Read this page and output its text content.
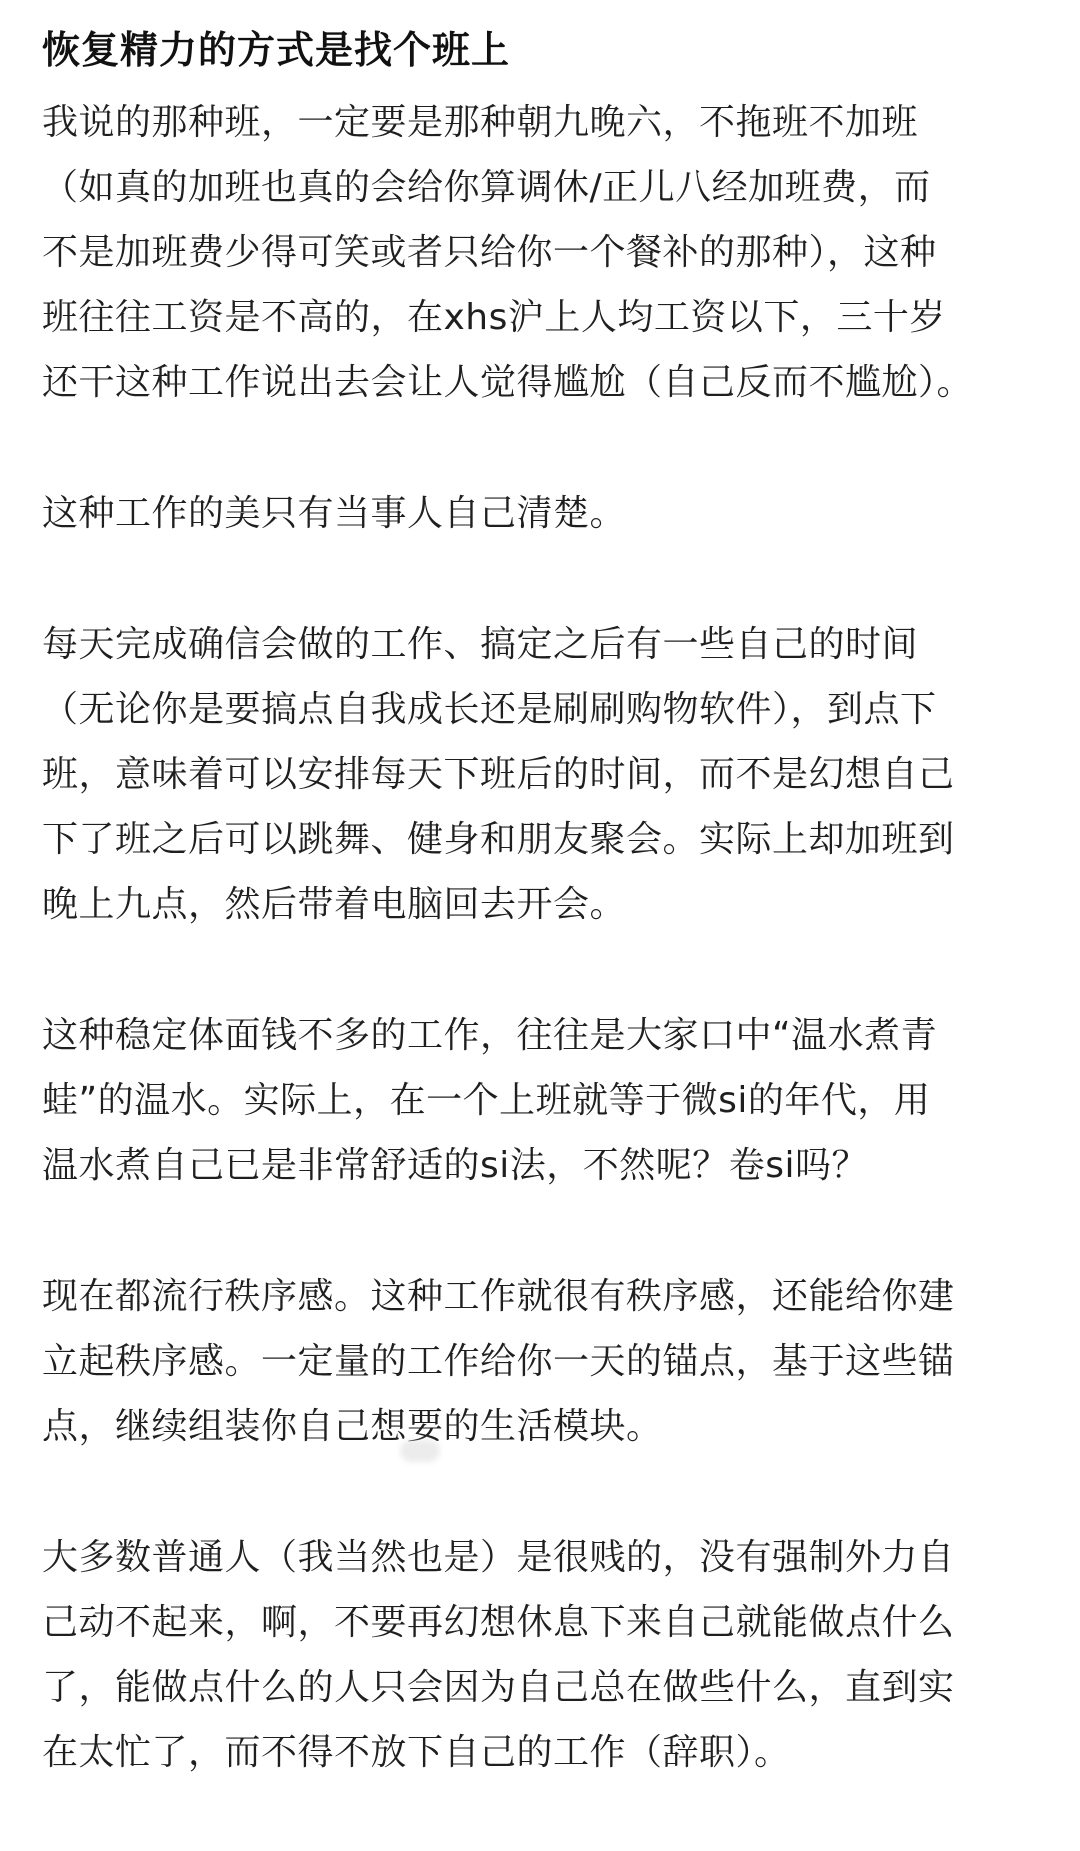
恢复精力的方式是找个班上
我说的那种班，一定要是那种朝九晚六，不拖班不加班
（如真的加班也真的会给你算调休/正儿八经加班费，而
不是加班费少得可笑或者只给你一个餐补的那种），这种
班往往工资是不高的，在xhs沪上人均工资以下，三十岁
还干这种工作说出去会让人觉得尴尬（自己反而不尴尬）。
这种工作的美只有当事人自己清楚。
每天完成确信会做的工作、搞定之后有一些自己的时间
（无论你是要搞点自我成长还是刷刷购物软件），到点下
班，意味着可以安排每天下班后的时间，而不是幻想自己
下了班之后可以跳舞、健身和朋友聚会。实际上却加班到
晚上九点，然后带着电脑回去开会。
这种稳定体面钱不多的工作，往往是大家口中“温水煮青
蛙”的温水。实际上，在一个上班就等于微si的年代，用
温水煮自己已是非常舒适的si法，不然呢？卷si吗？
现在都流行秩序感。这种工作就很有秩序感，还能给你建
立起秩序感。一定量的工作给你一天的锚点，基于这些锚
点，继续组装你自己想要的生活模块。
大多数普通人（我当然也是）是很贱的，没有强制外力自
己动不起来，啊，不要再幻想休息下来自己就能做点什么
了，能做点什么的人只会因为自己总在做些什么，直到实
在太忙了，而不得不放下自己的工作（辞职）。
